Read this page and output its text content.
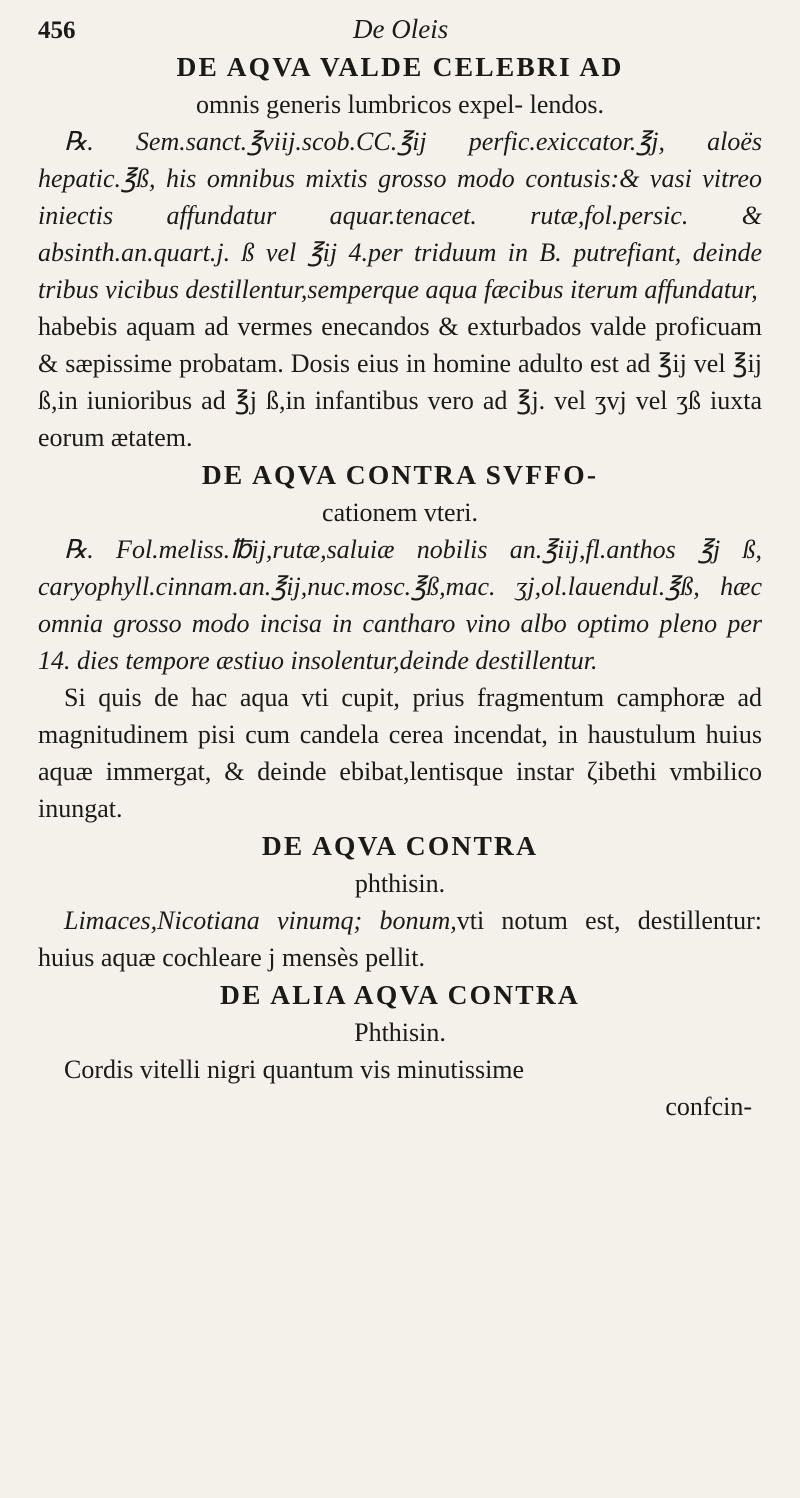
456	De Oleis
DE AQVA VALDE CELEBRI AD

omnis generis lumbricos expel- lendos.

℞. Sem.sanct.℥viij.scob.CC.℥ij perfic.exiccator.℥j, aloës hepatic.℥ß, his omnibus mixtis grosso modo contusis:& vasi vitreo iniectis affundatur aquar.tenacet. rutæ,fol.persic. & absinth.an.quart.j. ß vel ℥ij 4.per triduum in B. putrefiant, deinde tribus vicibus destillentur,semperque aqua fæcibus iterum affundatur,

habebis aquam ad vermes enecandos & exturbados valde proficuam & sæpissime probatam. Dosis eius in homine adulto est ad ℥ij vel ℥ij ß,in iunioribus ad ℥j ß,in infantibus vero ad ℥j. vel ʒvj vel ʒß iuxta eorum ætatem.

DE AQVA CONTRA SVFFO-

cationem vteri.

℞. Fol.meliss.℔ij,rutæ,saluiæ nobilis an.℥iij,fl.anthos ℥j ß, caryophyll.cinnam.an.℥ij,nuc.mosc.℥ß,mac. ʒj,ol.lauendul.℥ß, hæc omnia grosso modo incisa in cantharo vino albo optimo pleno per 14. dies tempore æstiuo insolentur,deinde destillentur.

Si quis de hac aqua vti cupit, prius fragmentum camphoræ ad magnitudinem pisi cum candela cerea incendat, in haustulum huius aquæ immergat, & deinde ebibat,lentisque instar ζibethi vmbilico inungat.

DE AQVA CONTRA

phthisin.

Limaces,Nicotiana vinumq; bonum,vti notum est, destillentur: huius aquæ cochleare j mensès pellit.

DE ALIA AQVA CONTRA

Phthisin.

Cordis vitelli nigri quantum vis minutissime

confcin-
